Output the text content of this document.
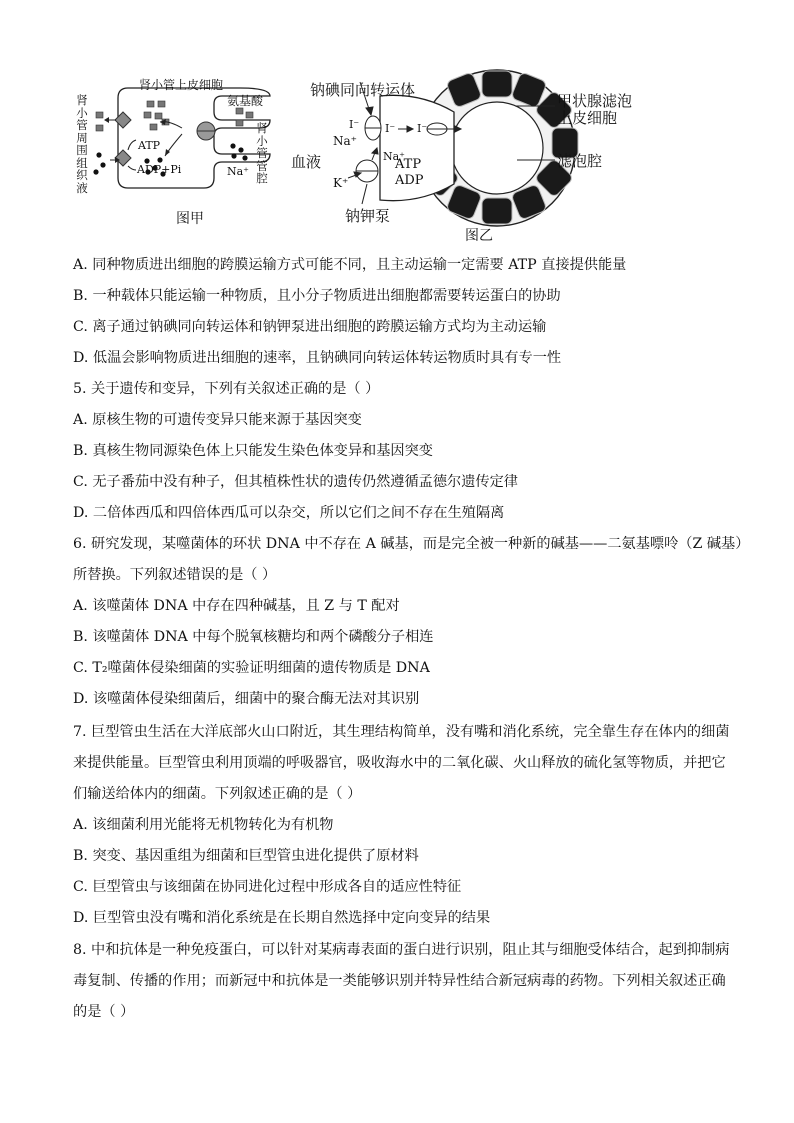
肾小管周围组织液
肾小管上皮细胞
氨基酸
肾小管管腔
ATP
ADP+Pi	Na⁺
图甲
钠碘同向转运体
I⁻
Na⁺
I⁻ I⁻
血液	Na⁺
ATP
K⁺	ADP
钠钾泵
甲状腺滤泡
上皮细胞
滤泡腔
图乙
A. 同种物质进出细胞的跨膜运输方式可能不同，且主动运输一定需要 ATP 直接提供能量
B. 一种载体只能运输一种物质，且小分子物质进出细胞都需要转运蛋白的协助
C. 离子通过钠碘同向转运体和钠钾泵进出细胞的跨膜运输方式均为主动运输
D. 低温会影响物质进出细胞的速率，且钠碘同向转运体转运物质时具有专一性
5. 关于遗传和变异，下列有关叙述正确的是（ ）
A. 原核生物的可遗传变异只能来源于基因突变
B. 真核生物同源染色体上只能发生染色体变异和基因突变
C. 无子番茄中没有种子，但其植株性状的遗传仍然遵循孟德尔遗传定律
D. 二倍体西瓜和四倍体西瓜可以杂交，所以它们之间不存在生殖隔离
6. 研究发现，某噬菌体的环状 DNA 中不存在 A 碱基，而是完全被一种新的碱基——二氨基嘌呤（Z 碱基）
所替换。下列叙述错误的是（ ）
A. 该噬菌体 DNA 中存在四种碱基，且 Z 与 T 配对
B. 该噬菌体 DNA 中每个脱氧核糖均和两个磷酸分子相连
C. T₂噬菌体侵染细菌的实验证明细菌的遗传物质是 DNA
D. 该噬菌体侵染细菌后，细菌中的聚合酶无法对其识别
7. 巨型管虫生活在大洋底部火山口附近，其生理结构简单，没有嘴和消化系统，完全靠生存在体内的细菌
来提供能量。巨型管虫利用顶端的呼吸器官，吸收海水中的二氧化碳、火山释放的硫化氢等物质，并把它
们输送给体内的细菌。下列叙述正确的是（ ）
A. 该细菌利用光能将无机物转化为有机物
B. 突变、基因重组为细菌和巨型管虫进化提供了原材料
C. 巨型管虫与该细菌在协同进化过程中形成各自的适应性特征
D. 巨型管虫没有嘴和消化系统是在长期自然选择中定向变异的结果
8. 中和抗体是一种免疫蛋白，可以针对某病毒表面的蛋白进行识别，阻止其与细胞受体结合，起到抑制病
毒复制、传播的作用；而新冠中和抗体是一类能够识别并特异性结合新冠病毒的药物。下列相关叙述正确
的是（ ）
